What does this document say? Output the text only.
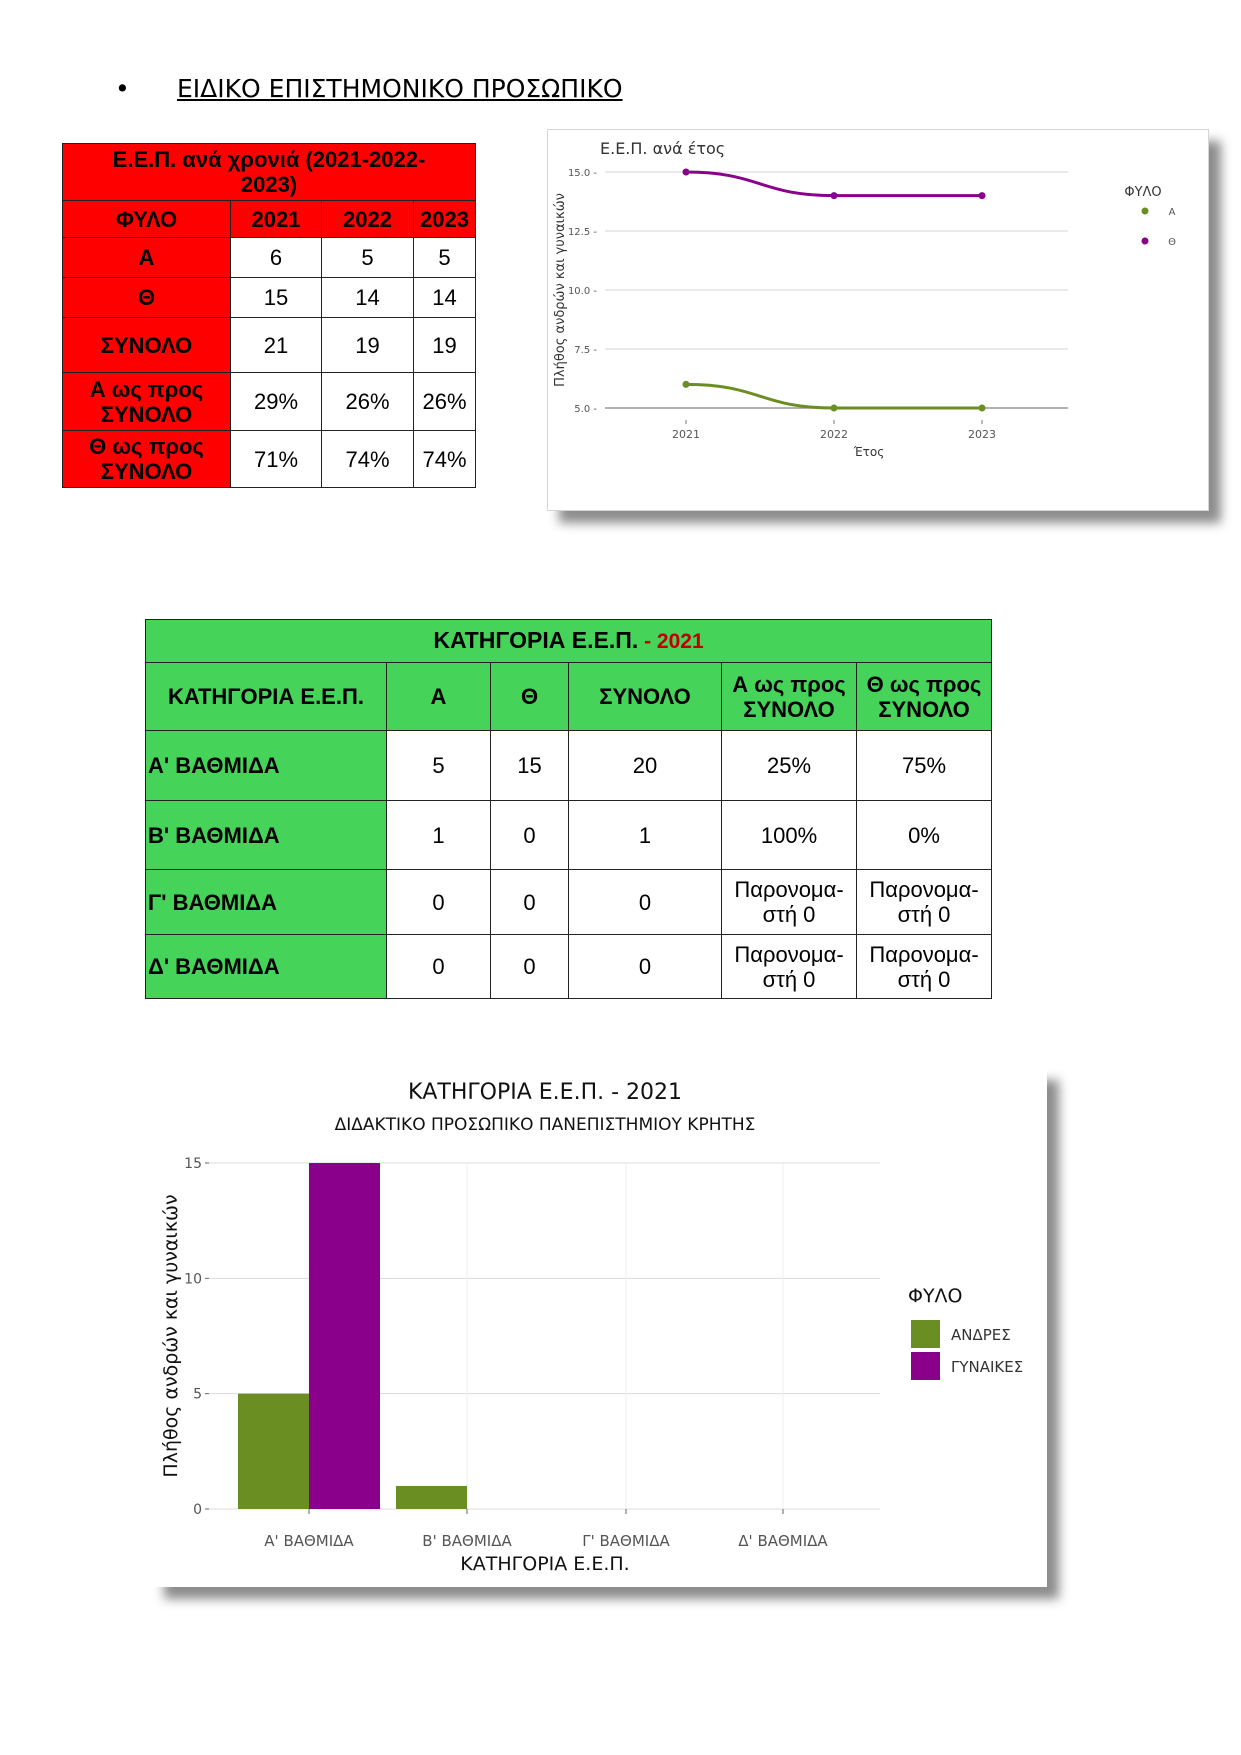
• ΕΙΔΙΚΟ ΕΠΙΣΤΗΜΟΝΙΚΟ ΠΡΟΣΩΠΙΚΟ
Ε.Ε.Π. ανά χρονιά (2021-2022-2023)			
ΦΥΛΟ	2021	2022	2023
Α	6	5	5
Θ	15	14	14
ΣΥΝΟΛΟ	21	19	19
Α ως προς ΣΥΝΟΛΟ	29%	26%	26%
Θ ως προς ΣΥΝΟΛΟ	71%	74%	74%
Ε.Ε.Π. ανά έτος
5.0 -
7.5 -
10.0 -
12.5 -
15.0 -
2021	2022	2023
Έτος
Πλήθος ανδρών και γυναικών
ΦΥΛΟ
Α
Θ
ΚΑΤΗΓΟΡΙΑ Ε.Ε.Π. - 2021					
ΚΑΤΗΓΟΡΙΑ Ε.Ε.Π.	Α	Θ	ΣΥΝΟΛΟ	Α ως προς ΣΥΝΟΛΟ	Θ ως προς ΣΥΝΟΛΟ
Α' ΒΑΘΜΙΔΑ	5	15	20	25%	75%
Β' ΒΑΘΜΙΔΑ	1	0	1	100%	0%
Γ' ΒΑΘΜΙΔΑ	0	0	0	Παρονομα-στή 0	Παρονομα-στή 0
Δ' ΒΑΘΜΙΔΑ	0	0	0	Παρονομα-στή 0	Παρονομα-στή 0
ΚΑΤΗΓΟΡΙΑ Ε.Ε.Π. - 2021
ΔΙΔΑΚΤΙΚΟ ΠΡΟΣΩΠΙΚΟ ΠΑΝΕΠΙΣΤΗΜΙΟΥ ΚΡΗΤΗΣ
0
5
10
15
Α' ΒΑΘΜΙΔΑ	Β' ΒΑΘΜΙΔΑ	Γ' ΒΑΘΜΙΔΑ	Δ' ΒΑΘΜΙΔΑ
ΚΑΤΗΓΟΡΙΑ Ε.Ε.Π.
Πλήθος ανδρών και γυναικών	ΦΥΛΟ
ΑΝΔΡΕΣ
ΓΥΝΑΙΚΕΣ
